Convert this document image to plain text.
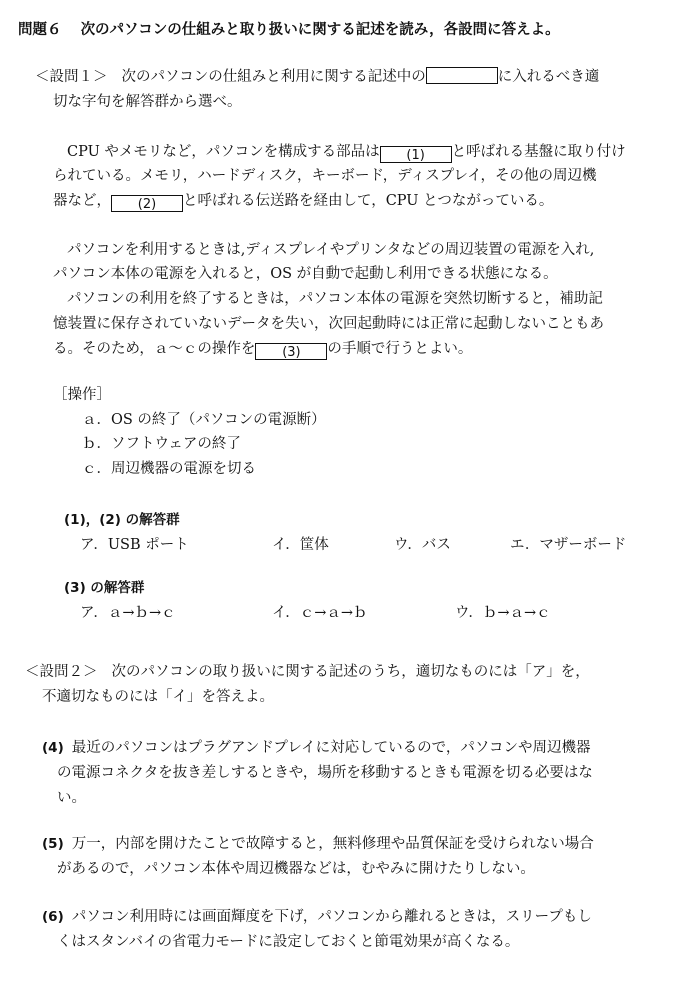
問題６ 次のパソコンの仕組みと取り扱いに関する記述を読み，各設問に答えよ。
＜設問１＞ 次のパソコンの仕組みと利用に関する記述中の	に入れるべき適
切な字句を解答群から選べ。
CPU やメモリなど，パソコンを構成する部品は (1) と呼ばれる基盤に取り付け
られている。メモリ，ハードディスク，キーボード，ディスプレイ，その他の周辺機
器など， (2) と呼ばれる伝送路を経由して，CPU とつながっている。
パソコンを利用するときは,ディスプレイやプリンタなどの周辺装置の電源を入れ,
パソコン本体の電源を入れると，OS が自動で起動し利用できる状態になる。
パソコンの利用を終了するときは，パソコン本体の電源を突然切断すると，補助記
憶装置に保存されていないデータを失い，次回起動時には正常に起動しないこともあ
る。そのため，ａ～ｃの操作を (3) の手順で行うとよい。
［操作］
ａ．OS の終了（パソコンの電源断）
ｂ．ソフトウェアの終了
ｃ．周辺機器の電源を切る
(1)，(2) の解答群
ア．USB ポート	イ．筐体	ウ．バス	エ．マザーボード
(3) の解答群
ア．ａ→ｂ→ｃ	イ．ｃ→ａ→ｂ	ウ．ｂ→ａ→ｃ
＜設問２＞ 次のパソコンの取り扱いに関する記述のうち，適切なものには「ア」を，
不適切なものには「イ」を答えよ。
(4) 最近のパソコンはプラグアンドプレイに対応しているので，パソコンや周辺機器
の電源コネクタを抜き差しするときや，場所を移動するときも電源を切る必要はな
い。
(5) 万一，内部を開けたことで故障すると，無料修理や品質保証を受けられない場合
があるので，パソコン本体や周辺機器などは，むやみに開けたりしない。
(6) パソコン利用時には画面輝度を下げ，パソコンから離れるときは，スリープもし
くはスタンバイの省電力モードに設定しておくと節電効果が高くなる。
